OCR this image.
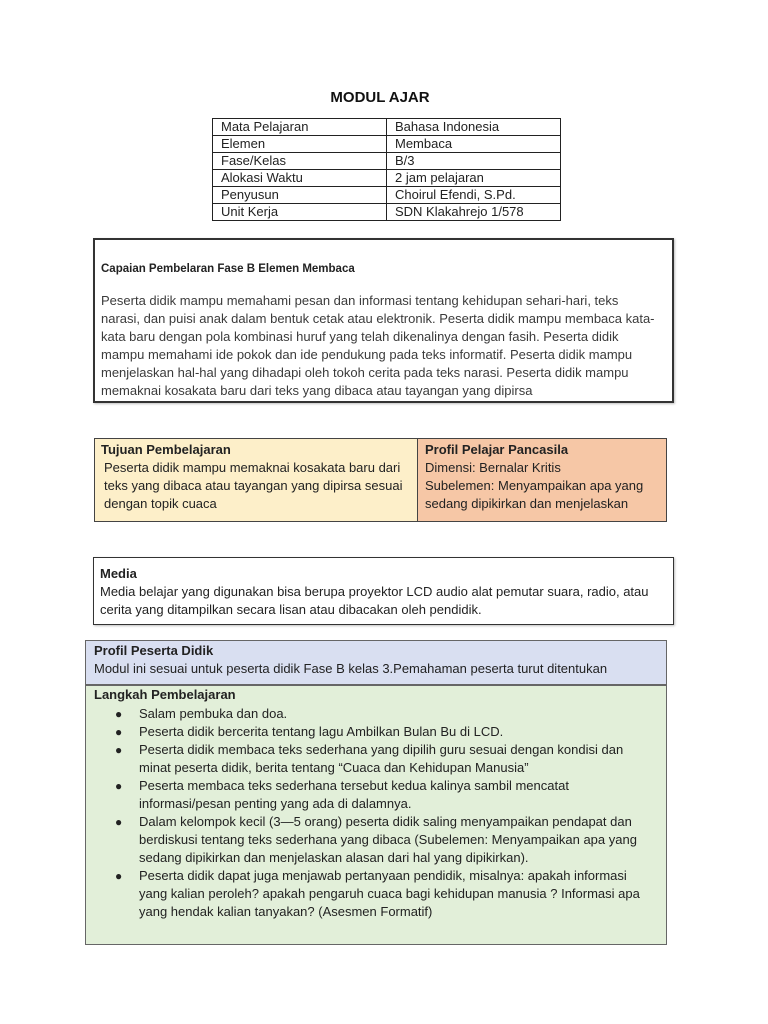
MODUL AJAR
Mata Pelajaran	Bahasa Indonesia
Elemen	Membaca
Fase/Kelas	B/3
Alokasi Waktu	2 jam pelajaran
Penyusun	Choirul Efendi, S.Pd.
Unit Kerja	SDN Klakahrejo 1/578
Capaian Pembelaran Fase B Elemen Membaca
Peserta didik mampu memahami pesan dan informasi tentang kehidupan sehari-hari, teks narasi, dan puisi anak dalam bentuk cetak atau elektronik. Peserta didik mampu membaca kata- kata baru dengan pola kombinasi huruf yang telah dikenalinya dengan fasih. Peserta didik mampu memahami ide pokok dan ide pendukung pada teks informatif. Peserta didik mampu menjelaskan hal-hal yang dihadapi oleh tokoh cerita pada teks narasi. Peserta didik mampu memaknai kosakata baru dari teks yang dibaca atau tayangan yang dipirsa
Tujuan Pembelajaran
Peserta didik mampu memaknai kosakata baru dari teks yang dibaca atau tayangan yang dipirsa sesuai dengan topik cuaca
Profil Pelajar Pancasila
Dimensi: Bernalar Kritis
Subelemen: Menyampaikan apa yang sedang dipikirkan dan menjelaskan
Media
Media belajar yang digunakan bisa berupa proyektor LCD audio alat pemutar suara, radio, atau cerita yang ditampilkan secara lisan atau dibacakan oleh pendidik.
Profil Peserta Didik
Modul ini sesuai untuk peserta didik Fase B kelas 3.Pemahaman peserta turut ditentukan
Langkah Pembelajaran
● Salam pembuka dan doa.
● Peserta didik bercerita tentang lagu Ambilkan Bulan Bu di LCD.
● Peserta didik membaca teks sederhana yang dipilih guru sesuai dengan kondisi dan minat peserta didik, berita tentang “Cuaca dan Kehidupan Manusia”
● Peserta membaca teks sederhana tersebut kedua kalinya sambil mencatat informasi/pesan penting yang ada di dalamnya.
● Dalam kelompok kecil (3—5 orang) peserta didik saling menyampaikan pendapat dan berdiskusi tentang teks sederhana yang dibaca (Subelemen: Menyampaikan apa yang sedang dipikirkan dan menjelaskan alasan dari hal yang dipikirkan).
● Peserta didik dapat juga menjawab pertanyaan pendidik, misalnya: apakah informasi yang kalian peroleh? apakah pengaruh cuaca bagi kehidupan manusia ? Informasi apa yang hendak kalian tanyakan? (Asesmen Formatif)
